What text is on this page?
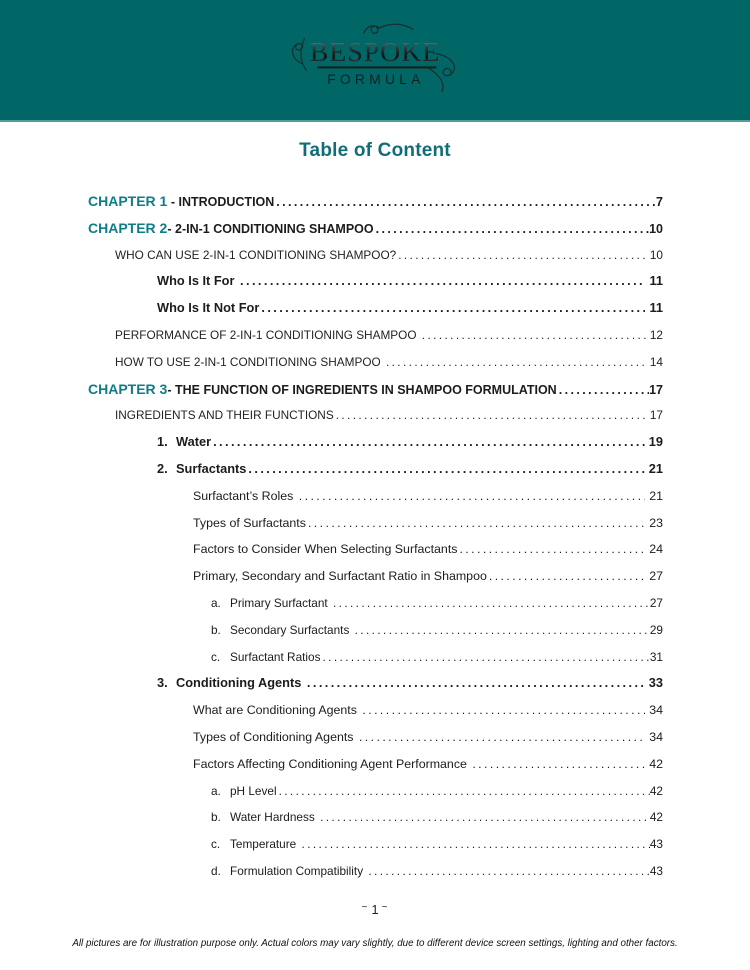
BESPOKE
FORMULA
Table of Content
CHAPTER 1 - INTRODUCTION .....	7
CHAPTER 2 - 2-IN-1 CONDITIONING SHAMPOO .....	10
WHO CAN USE 2-IN-1 CONDITIONING SHAMPOO? .....	10
Who Is It For .....	11
Who Is It Not For .....	11
PERFORMANCE OF 2-IN-1 CONDITIONING SHAMPOO .....	12
HOW TO USE 2-IN-1 CONDITIONING SHAMPOO .....	14
CHAPTER 3 - THE FUNCTION OF INGREDIENTS IN SHAMPOO FORMULATION .....	17
INGREDIENTS AND THEIR FUNCTIONS .....	17
1. Water .....	19
2. Surfactants .....	21
Surfactant’s Roles .....	21
Types of Surfactants .....	23
Factors to Consider When Selecting Surfactants .....	24
Primary, Secondary and Surfactant Ratio in Shampoo .....	27
a. Primary Surfactant .....	27
b. Secondary Surfactants .....	29
c. Surfactant Ratios .....	31
3. Conditioning Agents .....	33
What are Conditioning Agents .....	34
Types of Conditioning Agents .....	34
Factors Affecting Conditioning Agent Performance .....	42
a. pH Level .....	42
b. Water Hardness .....	42
c. Temperature .....	43
d. Formulation Compatibility .....	43
~ 1 ~
All pictures are for illustration purpose only. Actual colors may vary slightly, due to different device screen settings, lighting and other factors.
